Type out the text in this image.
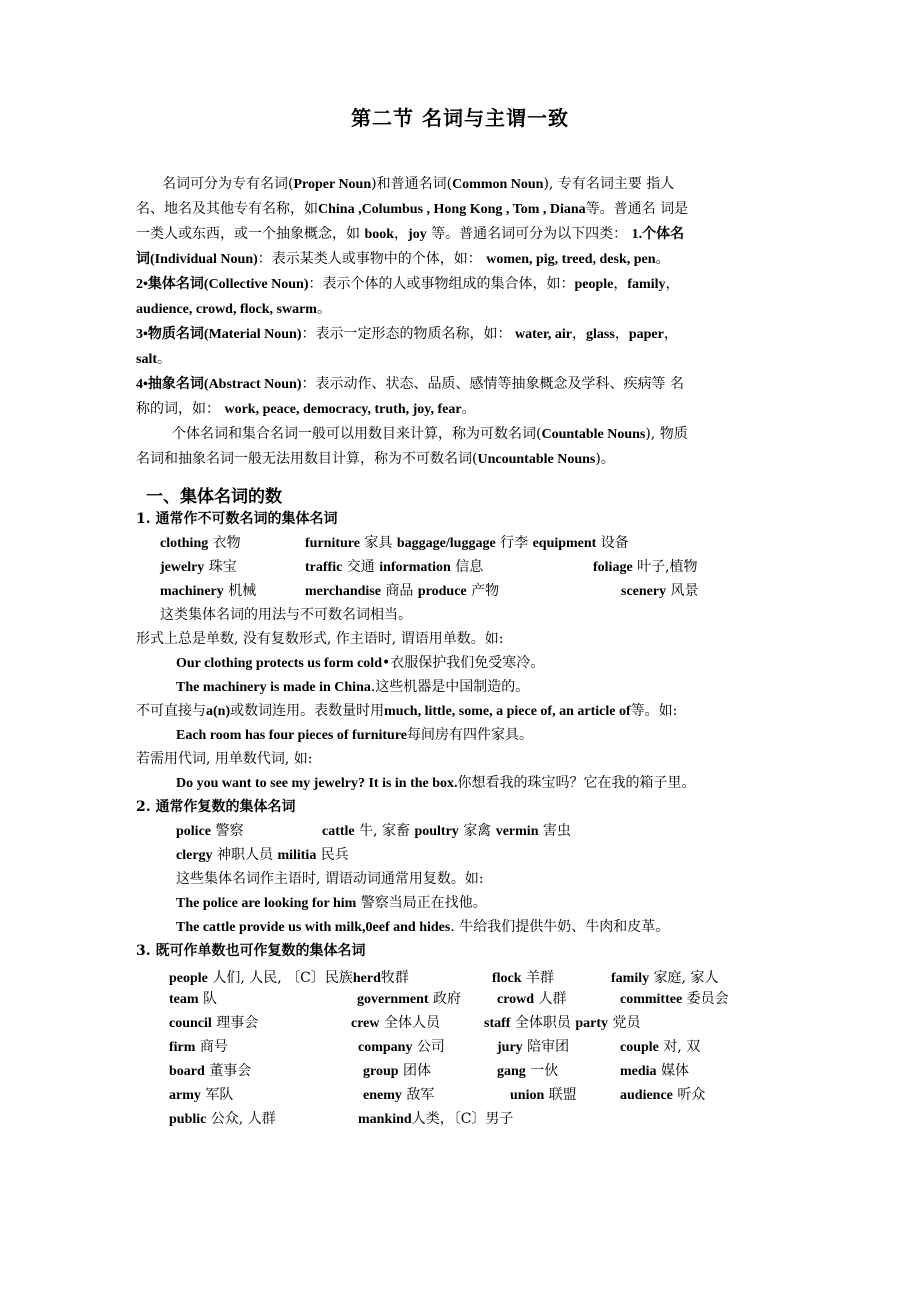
第二节 名词与主谓一致
名词可分为专有名词(Proper Noun)和普通名词(Common Noun), 专有名词主要 指人
名、地名及其他专有名称，如China ,Columbus , Hong Kong , Tom , Diana等。普通名 词是
一类人或东西，或一个抽象概念，如 book，joy 等。普通名词可分为以下四类： 1.个体名
词(Individual Noun)：表示某类人或事物中的个体，如： women, pig, treed, desk, pen。
2•集体名词(Collective Noun)：表示个体的人或事物组成的集合体，如：people，family，
audience, crowd, flock, swarm。
3•物质名词(Material Noun)：表示一定形态的物质名称，如： water, air，glass，paper，
salt。
4•抽象名词(Abstract Noun)：表示动作、状态、品质、感情等抽象概念及学科、疾病等 名
称的词，如： work, peace, democracy, truth, joy, fear。
个体名词和集合名词一般可以用数目来计算，称为可数名词(Countable Nouns), 物质
名词和抽象名词一般无法用数目计算，称为不可数名词(Uncountable Nouns)。
一、集体名词的数
1. 通常作不可数名词的集体名词
clothing 衣物	furniture 家具 baggage/luggage 行李 equipment 设备
jewelry 珠宝	traffic 交通 information 信息	foliage 叶子,植物
machinery 机械	merchandise 商品 produce 产物	scenery 风景
这类集体名词的用法与不可数名词相当。
形式上总是单数, 没有复数形式, 作主语时, 谓语用单数。如:
Our clothing protects us form cold•衣服保护我们免受寒冷。
The machinery is made in China.这些机器是中国制造的。
不可直接与a(n)或数词连用。表数量时用much, little, some, a piece of, an article of等。如:
Each room has four pieces of furniture每间房有四件家具。
若需用代词, 用单数代词, 如:
Do you want to see my jewelry? It is in the box.你想看我的珠宝吗？它在我的箱子里。
2. 通常作复数的集体名词
police 警察	cattle 牛, 家畜 poultry 家禽 vermin 害虫
clergy 神职人员 militia 民兵
这些集体名词作主语时, 谓语动词通常用复数。如:
The police are looking for him 警察当局正在找他。
The cattle provide us with milk,0eef and hides. 牛给我们提供牛奶、牛肉和皮革。
3. 既可作单数也可作复数的集体名词
people 人们, 人民, 〔C〕民族herd牧群	flock 羊群	family 家庭, 家人
team 队	government 政府	crowd 人群	committee 委员会
council 理事会	crew 全体人员	staff 全体职员 party 党员
firm 商号	company 公司	jury 陪审团	couple 对, 双
board 董事会	group 团体	gang 一伙	media 媒体
army 军队	enemy 敌军	union 联盟	audience 听众
public 公众, 人群	mankind人类，〔C〕男子
